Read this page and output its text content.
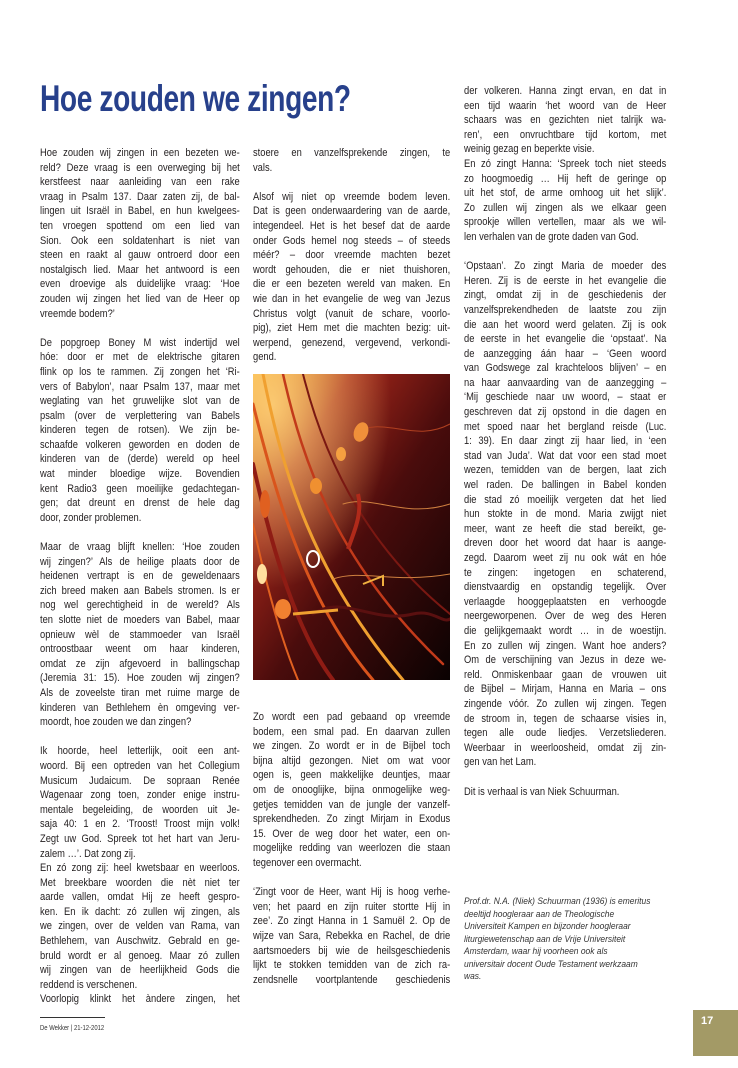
Hoe zouden we zingen?
Hoe zouden wij zingen in een bezeten we-
reld? Deze vraag is een overweging bij het
kerstfeest naar aanleiding van een rake
vraag in Psalm 137. Daar zaten zij, de bal-
lingen uit Israël in Babel, en hun kwelgees-
ten vroegen spottend om een lied van
Sion. Ook een soldatenhart is niet van
steen en raakt al gauw ontroerd door een
nostalgisch lied. Maar het antwoord is een
even droevige als duidelijke vraag: ‘Hoe
zouden wij zingen het lied van de Heer op
vreemde bodem?’
De popgroep Boney M wist indertijd wel
hóe: door er met de elektrische gitaren
flink op los te rammen. Zij zongen het ‘Ri-
vers of Babylon’, naar Psalm 137, maar met
weglating van het gruwelijke slot van de
psalm (over de verplettering van Babels
kinderen tegen de rotsen). We zijn be-
schaafde volkeren geworden en doden de
kinderen van de (derde) wereld op heel
wat minder bloedige wijze. Bovendien
kent Radio3 geen moeilijke gedachtegan-
gen; dat dreunt en drenst de hele dag
door, zonder problemen.
Maar de vraag blijft knellen: ‘Hoe zouden
wij zingen?’ Als de heilige plaats door de
heidenen vertrapt is en de geweldenaars
zich breed maken aan Babels stromen. Is er
nog wel gerechtigheid in de wereld? Als
ten slotte niet de moeders van Babel, maar
opnieuw wèl de stammoeder van Israël
ontroostbaar weent om haar kinderen,
omdat ze zijn afgevoerd in ballingschap
(Jeremia 31: 15). Hoe zouden wij zingen?
Als de zoveelste tiran met ruime marge de
kinderen van Bethlehem èn omgeving ver-
moordt, hoe zouden we dan zingen?
Ik hoorde, heel letterlijk, ooit een ant-
woord. Bij een optreden van het Collegium
Musicum Judaicum. De sopraan Renée
Wagenaar zong toen, zonder enige instru-
mentale begeleiding, de woorden uit Je-
saja 40: 1 en 2. ‘Troost! Troost mijn volk!
Zegt uw God. Spreek tot het hart van Jeru-
zalem …’. Dat zong zij.
En zó zong zij: heel kwetsbaar en weerloos.
Met breekbare woorden die nèt niet ter
aarde vallen, omdat Hij ze heeft gespro-
ken. En ik dacht: zó zullen wij zingen, als
we zingen, over de velden van Rama, van
Bethlehem, van Auschwitz. Gebrald en ge-
bruld wordt er al genoeg. Maar zó zullen
wij zingen van de heerlijkheid Gods die
reddend is verschenen.
Voorlopig klinkt het àndere zingen, het
stoere en vanzelfsprekende zingen, te
vals.
Alsof wij niet op vreemde bodem leven.
Dat is geen onderwaardering van de aarde,
integendeel. Het is het besef dat de aarde
onder Gods hemel nog steeds – of steeds
méér? – door vreemde machten bezet
wordt gehouden, die er niet thuishoren,
die er een bezeten wereld van maken. En
wie dan in het evangelie de weg van Jezus
Christus volgt (vanuit de schare, voorlo-
pig), ziet Hem met die machten bezig: uit-
werpend, genezend, vergevend, verkondi-
gend.
Zo wordt een pad gebaand op vreemde
bodem, een smal pad. En daarvan zullen
we zingen. Zo wordt er in de Bijbel toch
bijna altijd gezongen. Niet om wat voor
ogen is, geen makkelijke deuntjes, maar
om de onooglijke, bijna onmogelijke weg-
getjes temidden van de jungle der vanzelf-
sprekendheden. Zo zingt Mirjam in Exodus
15. Over de weg door het water, een on-
mogelijke redding van weerlozen die staan
tegenover een overmacht.
‘Zingt voor de Heer, want Hij is hoog verhe-
ven; het paard en zijn ruiter stortte Hij in
zee’. Zo zingt Hanna in 1 Samuël 2. Op de
wijze van Sara, Rebekka en Rachel, de drie
aartsmoeders bij wie de heilsgeschiedenis
lijkt te stokken temidden van de zich ra-
zendsnelle voortplantende geschiedenis
der volkeren. Hanna zingt ervan, en dat in
een tijd waarin ‘het woord van de Heer
schaars was en gezichten niet talrijk wa-
ren’, een onvruchtbare tijd kortom, met
weinig gezag en beperkte visie.
En zó zingt Hanna: ‘Spreek toch niet steeds
zo hoogmoedig … Hij heft de geringe op
uit het stof, de arme omhoog uit het slijk’.
Zo zullen wij zingen als we elkaar geen
sprookje willen vertellen, maar als we wil-
len verhalen van de grote daden van God.
‘Opstaan’. Zo zingt Maria de moeder des
Heren. Zij is de eerste in het evangelie die
zingt, omdat zij in de geschiedenis der
vanzelfsprekendheden de laatste zou zijn
die aan het woord werd gelaten. Zij is ook
de eerste in het evangelie die ‘opstaat’. Na
de aanzegging áán haar – ‘Geen woord
van Godswege zal krachteloos blijven’ – en
na haar aanvaarding van de aanzegging –
‘Mij geschiede naar uw woord, – staat er
geschreven dat zij opstond in die dagen en
met spoed naar het bergland reisde (Luc.
1: 39). En daar zingt zij haar lied, in ‘een
stad van Juda’. Wat dat voor een stad moet
wezen, temidden van de bergen, laat zich
wel raden. De ballingen in Babel konden
die stad zó moeilijk vergeten dat het lied
hun stokte in de mond. Maria zwijgt niet
meer, want ze heeft die stad bereikt, ge-
dreven door het woord dat haar is aange-
zegd. Daarom weet zij nu ook wát en hóe
te zingen: ingetogen en schaterend,
dienstvaardig en opstandig tegelijk. Over
verlaagde hooggeplaatsten en verhoogde
neergeworpenen. Over de weg des Heren
die gelijkgemaakt wordt … in de woestijn.
En zo zullen wij zingen. Want hoe anders?
Om de verschijning van Jezus in deze we-
reld. Onmiskenbaar gaan de vrouwen uit
de Bijbel – Mirjam, Hanna en Maria – ons
zingende vóór. Zo zullen wij zingen. Tegen
de stroom in, tegen de schaarse visies in,
tegen alle oude liedjes. Verzetsliederen.
Weerbaar in weerloosheid, omdat zij zin-
gen van het Lam.
Dit is verhaal is van Niek Schuurman.
Prof.dr. N.A. (Niek) Schuurman (1936) is emeritus
deeltijd hoogleraar aan de Theologische
Universiteit Kampen en bijzonder hoogleraar
liturgiewetenschap aan de Vrije Universiteit
Amsterdam, waar hij voorheen ook als
universitair docent Oude Testament werkzaam
was.
De Wekker | 21-12-2012
17
